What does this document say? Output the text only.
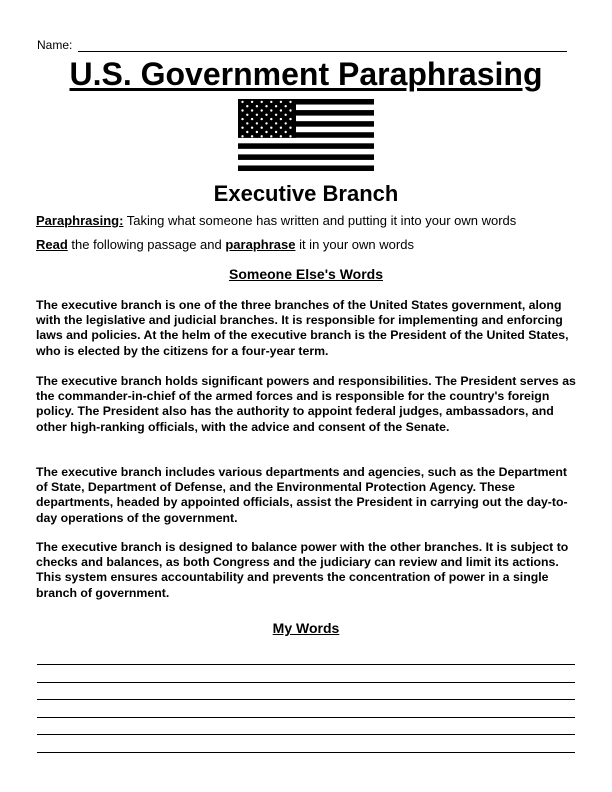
Name:
U.S. Government Paraphrasing
Executive Branch
Paraphrasing: Taking what someone has written and putting it into your own words
Read the following passage and paraphrase it in your own words
Someone Else's Words

The executive branch is one of the three branches of the United States government, along with the legislative and judicial branches. It is responsible for implementing and enforcing laws and policies. At the helm of the executive branch is the President of the United States, who is elected by the citizens for a four-year term.

The executive branch holds significant powers and responsibilities. The President serves as the commander-in-chief of the armed forces and is responsible for the country's foreign policy. The President also has the authority to appoint federal judges, ambassadors, and other high-ranking officials, with the advice and consent of the Senate.

The executive branch includes various departments and agencies, such as the Department of State, Department of Defense, and the Environmental Protection Agency. These departments, headed by appointed officials, assist the President in carrying out the day-to-day operations of the government.

The executive branch is designed to balance power with the other branches. It is subject to checks and balances, as both Congress and the judiciary can review and limit its actions. This system ensures accountability and prevents the concentration of power in a single branch of government.

My Words
